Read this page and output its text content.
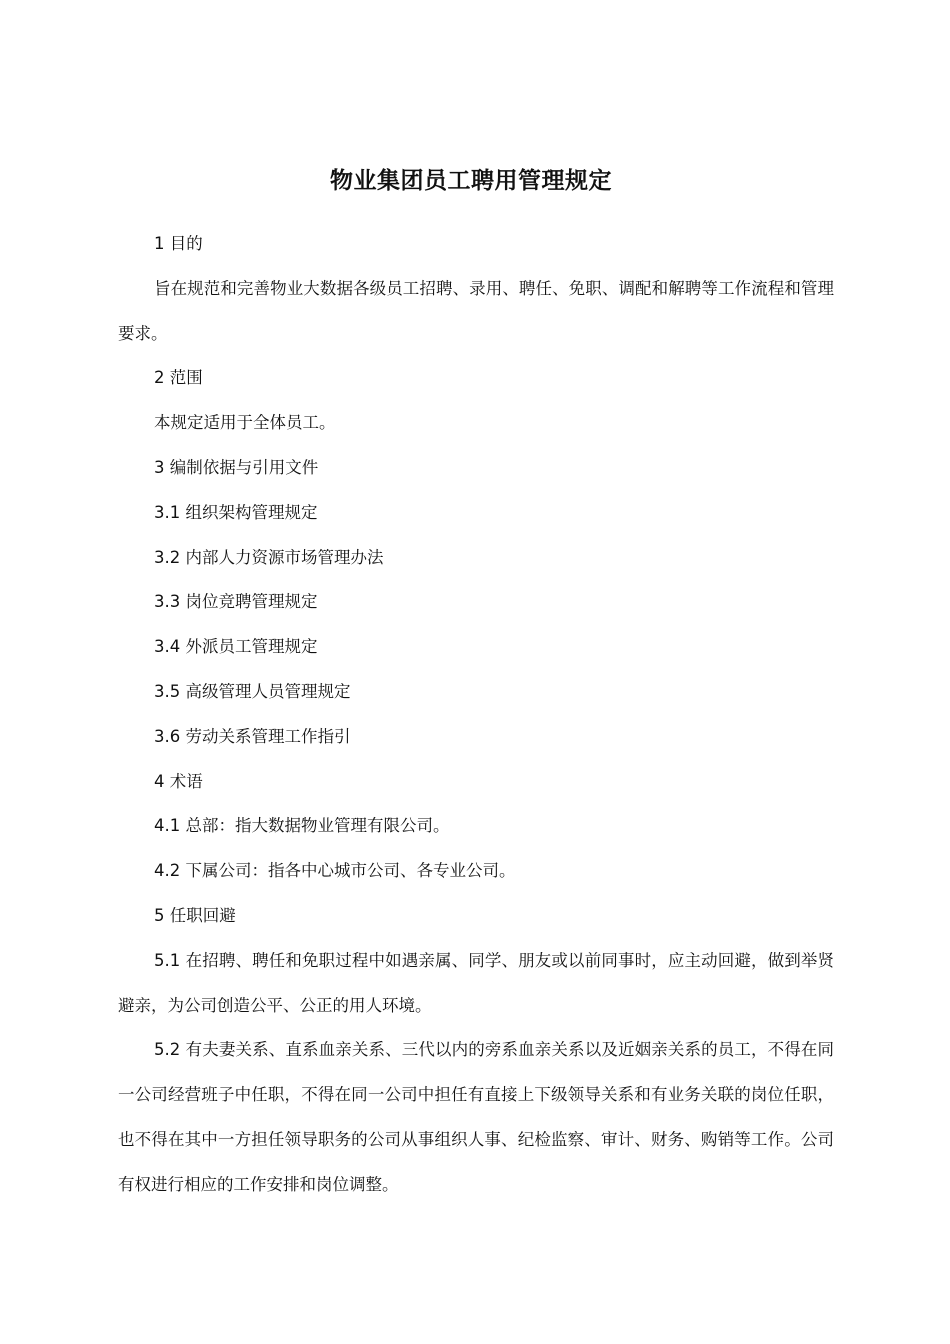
物业集团员工聘用管理规定

1 目的

旨在规范和完善物业大数据各级员工招聘、录用、聘任、免职、调配和解聘等工作流程和管理要求。

2 范围

本规定适用于全体员工。

3 编制依据与引用文件

3.1 组织架构管理规定

3.2 内部人力资源市场管理办法

3.3 岗位竞聘管理规定

3.4 外派员工管理规定

3.5 高级管理人员管理规定

3.6 劳动关系管理工作指引

4 术语

4.1 总部：指大数据物业管理有限公司。

4.2 下属公司：指各中心城市公司、各专业公司。

5 任职回避

5.1 在招聘、聘任和免职过程中如遇亲属、同学、朋友或以前同事时，应主动回避，做到举贤避亲，为公司创造公平、公正的用人环境。

5.2 有夫妻关系、直系血亲关系、三代以内的旁系血亲关系以及近姻亲关系的员工，不得在同一公司经营班子中任职，不得在同一公司中担任有直接上下级领导关系和有业务关联的岗位任职，也不得在其中一方担任领导职务的公司从事组织人事、纪检监察、审计、财务、购销等工作。公司有权进行相应的工作安排和岗位调整。
